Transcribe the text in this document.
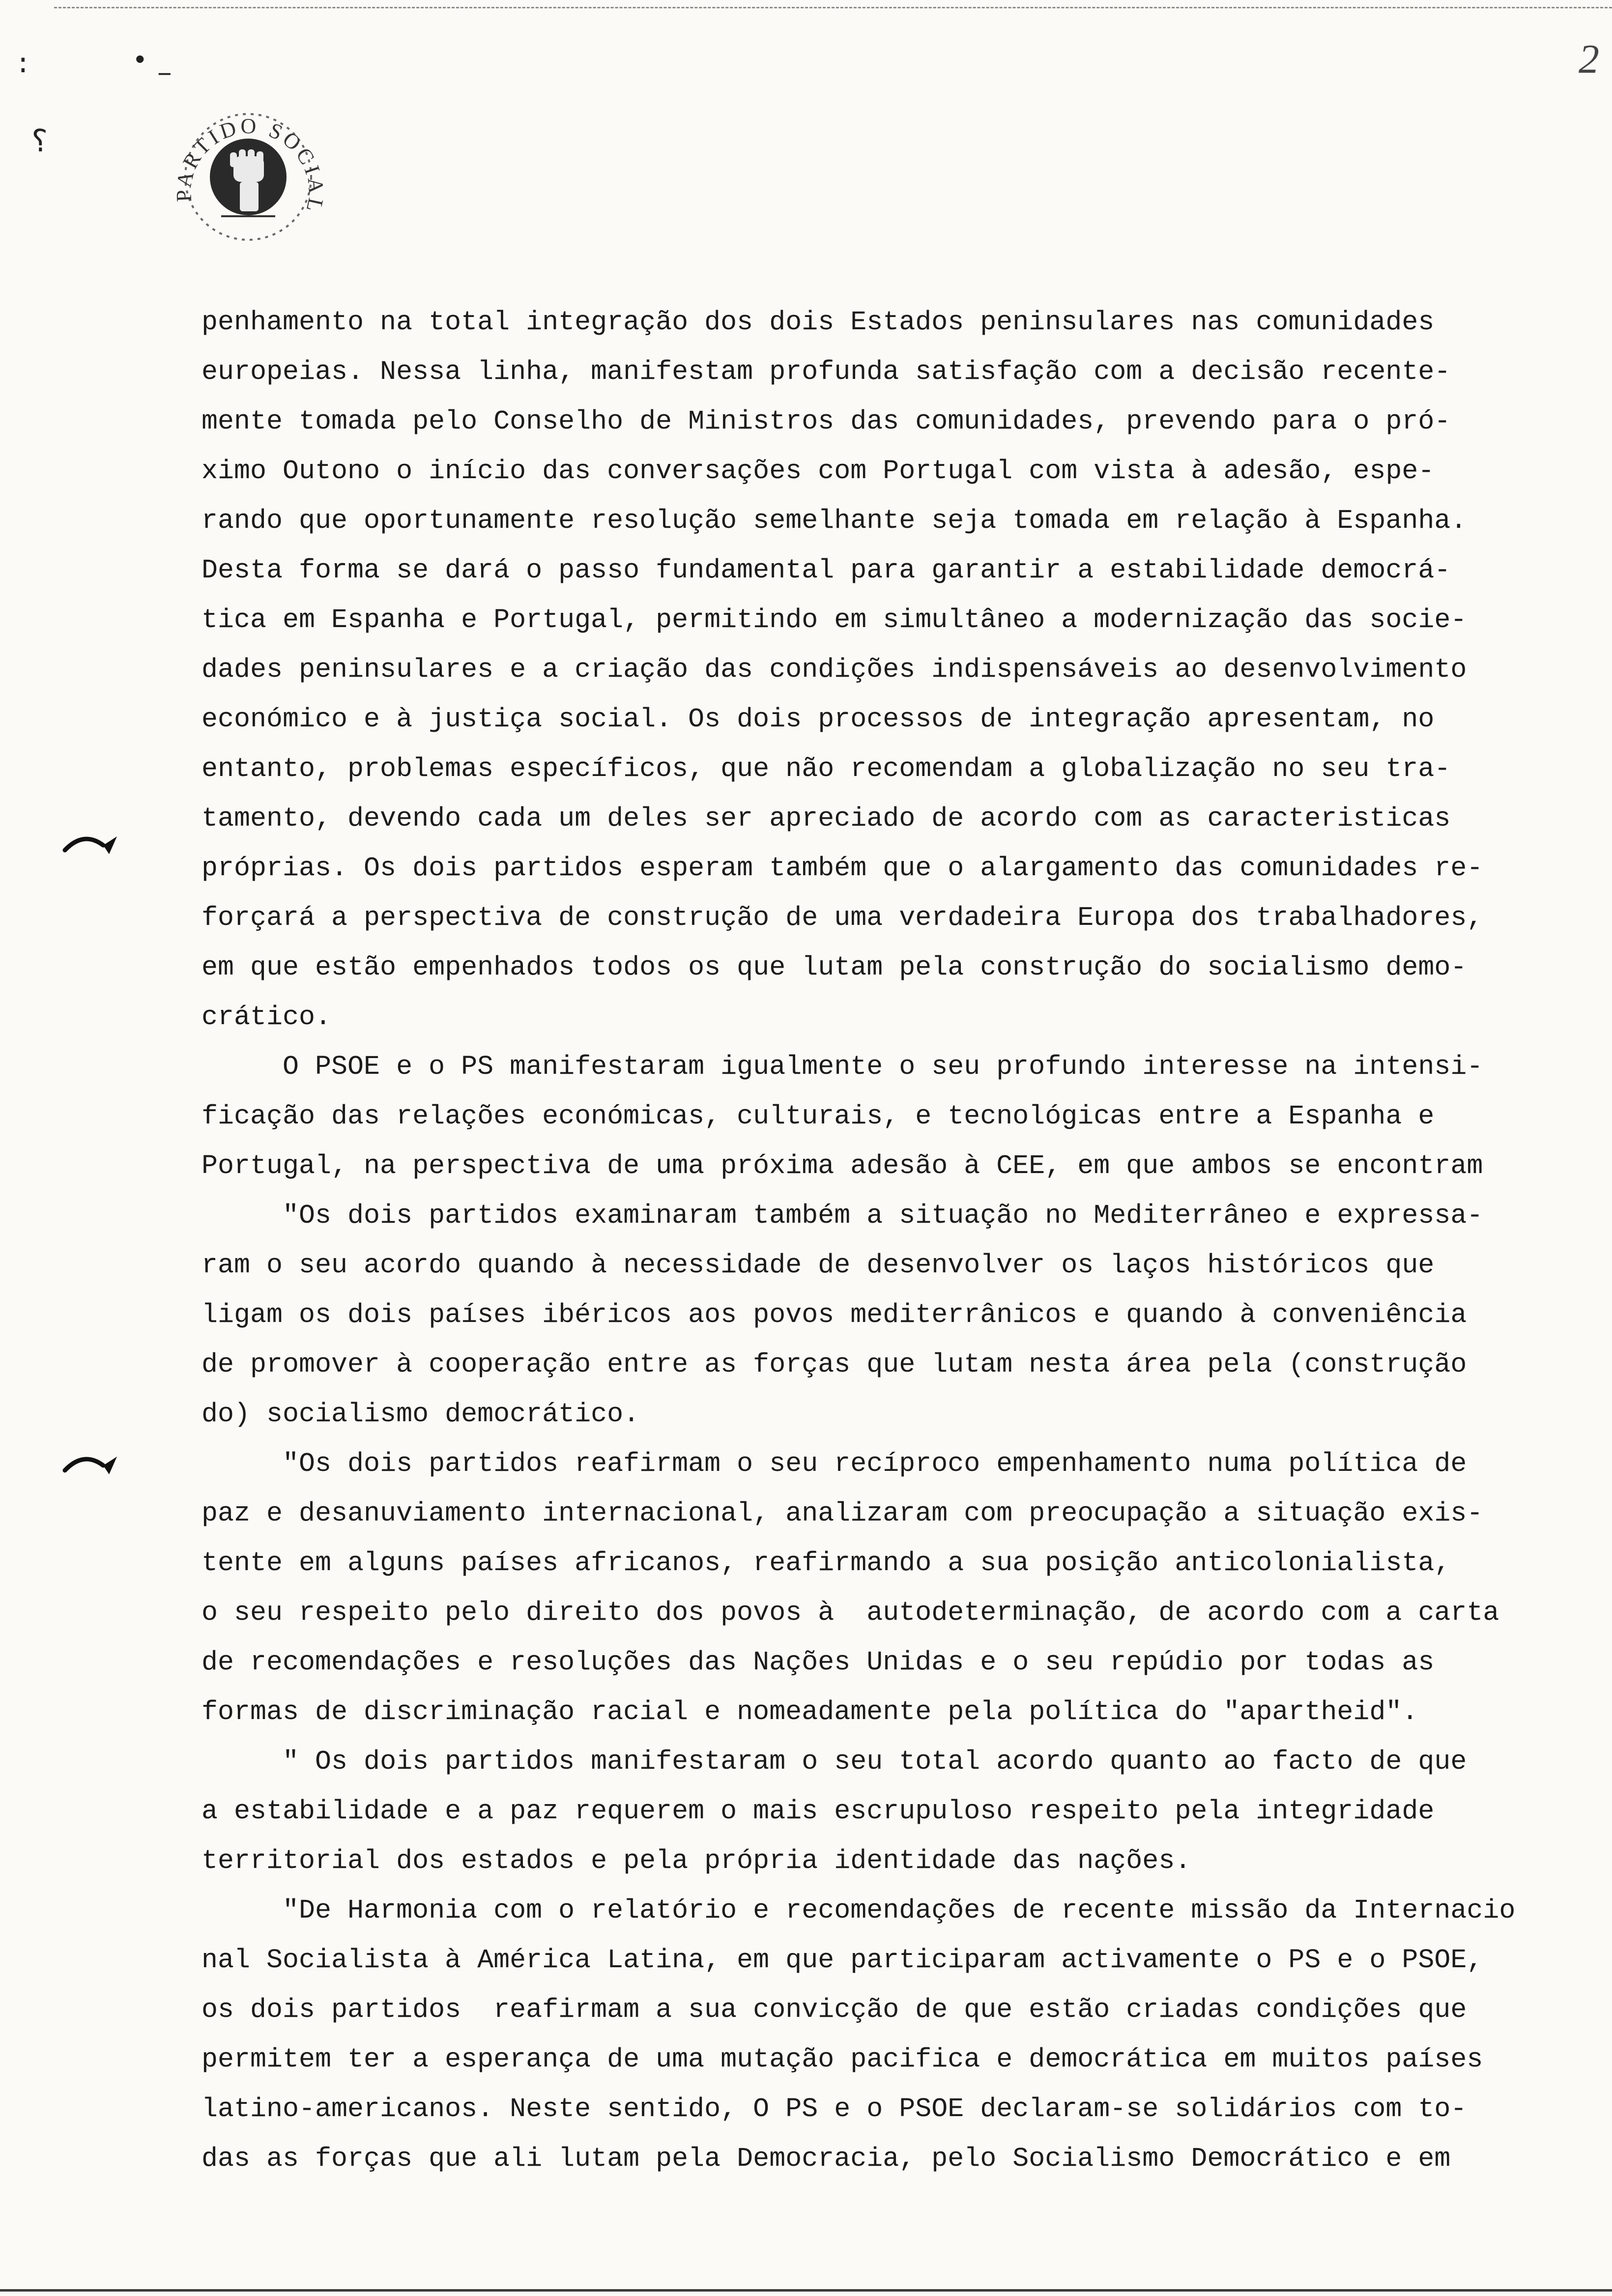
:	• –
⸮
2
PARTIDO SOCIAL

penhamento na total integração dos dois Estados peninsulares nas comunidades
europeias. Nessa linha, manifestam profunda satisfação com a decisão recente-
mente tomada pelo Conselho de Ministros das comunidades, prevendo para o pró-
ximo Outono o início das conversações com Portugal com vista à adesão, espe-
rando que oportunamente resolução semelhante seja tomada em relação à Espanha.
Desta forma se dará o passo fundamental para garantir a estabilidade democrá-
tica em Espanha e Portugal, permitindo em simultâneo a modernização das socie-
dades peninsulares e a criação das condições indispensáveis ao desenvolvimento
económico e à justiça social. Os dois processos de integração apresentam, no
entanto, problemas específicos, que não recomendam a globalização no seu tra-
tamento, devendo cada um deles ser apreciado de acordo com as caracteristicas
próprias. Os dois partidos esperam também que o alargamento das comunidades re-
forçará a perspectiva de construção de uma verdadeira Europa dos trabalhadores,
em que estão empenhados todos os que lutam pela construção do socialismo demo-
crático.

O PSOE e o PS manifestaram igualmente o seu profundo interesse na intensi-
ficação das relações económicas, culturais, e tecnológicas entre a Espanha e
Portugal, na perspectiva de uma próxima adesão à CEE, em que ambos se encontram

"Os dois partidos examinaram também a situação no Mediterrâneo e expressa-
ram o seu acordo quando à necessidade de desenvolver os laços históricos que
ligam os dois países ibéricos aos povos mediterrânicos e quando à conveniência
de promover à cooperação entre as forças que lutam nesta área pela (construção
do) socialismo democrático.

"Os dois partidos reafirmam o seu recíproco empenhamento numa política de
paz e desanuviamento internacional, analizaram com preocupação a situação exis-
tente em alguns países africanos, reafirmando a sua posição anticolonialista,
o seu respeito pelo direito dos povos à  autodeterminação, de acordo com a carta
de recomendações e resoluções das Nações Unidas e o seu repúdio por todas as
formas de discriminação racial e nomeadamente pela política do "apartheid".

" Os dois partidos manifestaram o seu total acordo quanto ao facto de que
a estabilidade e a paz requerem o mais escrupuloso respeito pela integridade
territorial dos estados e pela própria identidade das nações.

"De Harmonia com o relatório e recomendações de recente missão da Internacio
nal Socialista à América Latina, em que participaram activamente o PS e o PSOE,
os dois partidos  reafirmam a sua convicção de que estão criadas condições que
permitem ter a esperança de uma mutação pacifica e democrática em muitos países
latino-americanos. Neste sentido, O PS e o PSOE declaram-se solidários com to-
das as forças que ali lutam pela Democracia, pelo Socialismo Democrático e em
